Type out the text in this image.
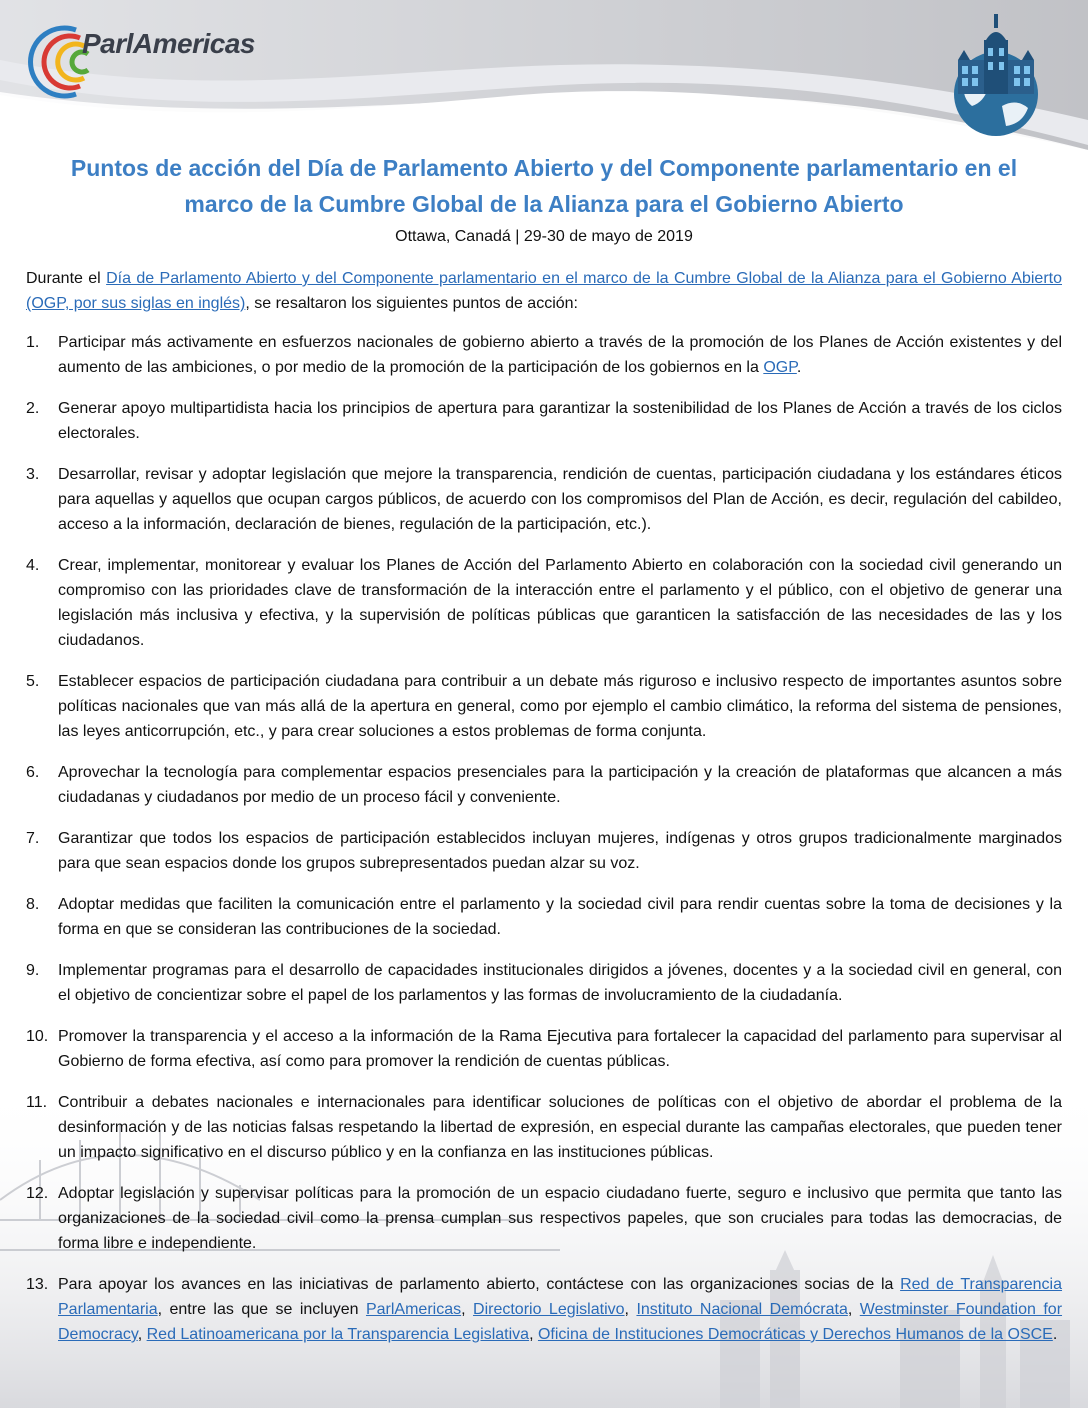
ParlAmericas
Puntos de acción del Día de Parlamento Abierto y del Componente parlamentario en el
marco de la Cumbre Global de la Alianza para el Gobierno Abierto
Ottawa, Canadá | 29-30 de mayo de 2019
Durante el Día de Parlamento Abierto y del Componente parlamentario en el marco de la Cumbre Global de la Alianza para el Gobierno Abierto (OGP, por sus siglas en inglés), se resaltaron los siguientes puntos de acción:
1. Participar más activamente en esfuerzos nacionales de gobierno abierto a través de la promoción de los Planes de Acción existentes y del aumento de las ambiciones, o por medio de la promoción de la participación de los gobiernos en la OGP.
2. Generar apoyo multipartidista hacia los principios de apertura para garantizar la sostenibilidad de los Planes de Acción a través de los ciclos electorales.
3. Desarrollar, revisar y adoptar legislación que mejore la transparencia, rendición de cuentas, participación ciudadana y los estándares éticos para aquellas y aquellos que ocupan cargos públicos, de acuerdo con los compromisos del Plan de Acción, es decir, regulación del cabildeo, acceso a la información, declaración de bienes, regulación de la participación, etc.).
4. Crear, implementar, monitorear y evaluar los Planes de Acción del Parlamento Abierto en colaboración con la sociedad civil generando un compromiso con las prioridades clave de transformación de la interacción entre el parlamento y el público, con el objetivo de generar una legislación más inclusiva y efectiva, y la supervisión de políticas públicas que garanticen la satisfacción de las necesidades de las y los ciudadanos.
5. Establecer espacios de participación ciudadana para contribuir a un debate más riguroso e inclusivo respecto de importantes asuntos sobre políticas nacionales que van más allá de la apertura en general, como por ejemplo el cambio climático, la reforma del sistema de pensiones, las leyes anticorrupción, etc., y para crear soluciones a estos problemas de forma conjunta.
6. Aprovechar la tecnología para complementar espacios presenciales para la participación y la creación de plataformas que alcancen a más ciudadanas y ciudadanos por medio de un proceso fácil y conveniente.
7. Garantizar que todos los espacios de participación establecidos incluyan mujeres, indígenas y otros grupos tradicionalmente marginados para que sean espacios donde los grupos subrepresentados puedan alzar su voz.
8. Adoptar medidas que faciliten la comunicación entre el parlamento y la sociedad civil para rendir cuentas sobre la toma de decisiones y la forma en que se consideran las contribuciones de la sociedad.
9. Implementar programas para el desarrollo de capacidades institucionales dirigidos a jóvenes, docentes y a la sociedad civil en general, con el objetivo de concientizar sobre el papel de los parlamentos y las formas de involucramiento de la ciudadanía.
10. Promover la transparencia y el acceso a la información de la Rama Ejecutiva para fortalecer la capacidad del parlamento para supervisar al Gobierno de forma efectiva, así como para promover la rendición de cuentas públicas.
11. Contribuir a debates nacionales e internacionales para identificar soluciones de políticas con el objetivo de abordar el problema de la desinformación y de las noticias falsas respetando la libertad de expresión, en especial durante las campañas electorales, que pueden tener un impacto significativo en el discurso público y en la confianza en las instituciones públicas.
12. Adoptar legislación y supervisar políticas para la promoción de un espacio ciudadano fuerte, seguro e inclusivo que permita que tanto las organizaciones de la sociedad civil como la prensa cumplan sus respectivos papeles, que son cruciales para todas las democracias, de forma libre e independiente.
13. Para apoyar los avances en las iniciativas de parlamento abierto, contáctese con las organizaciones socias de la Red de Transparencia Parlamentaria, entre las que se incluyen ParlAmericas, Directorio Legislativo, Instituto Nacional Demócrata, Westminster Foundation for Democracy, Red Latinoamericana por la Transparencia Legislativa, Oficina de Instituciones Democráticas y Derechos Humanos de la OSCE.
